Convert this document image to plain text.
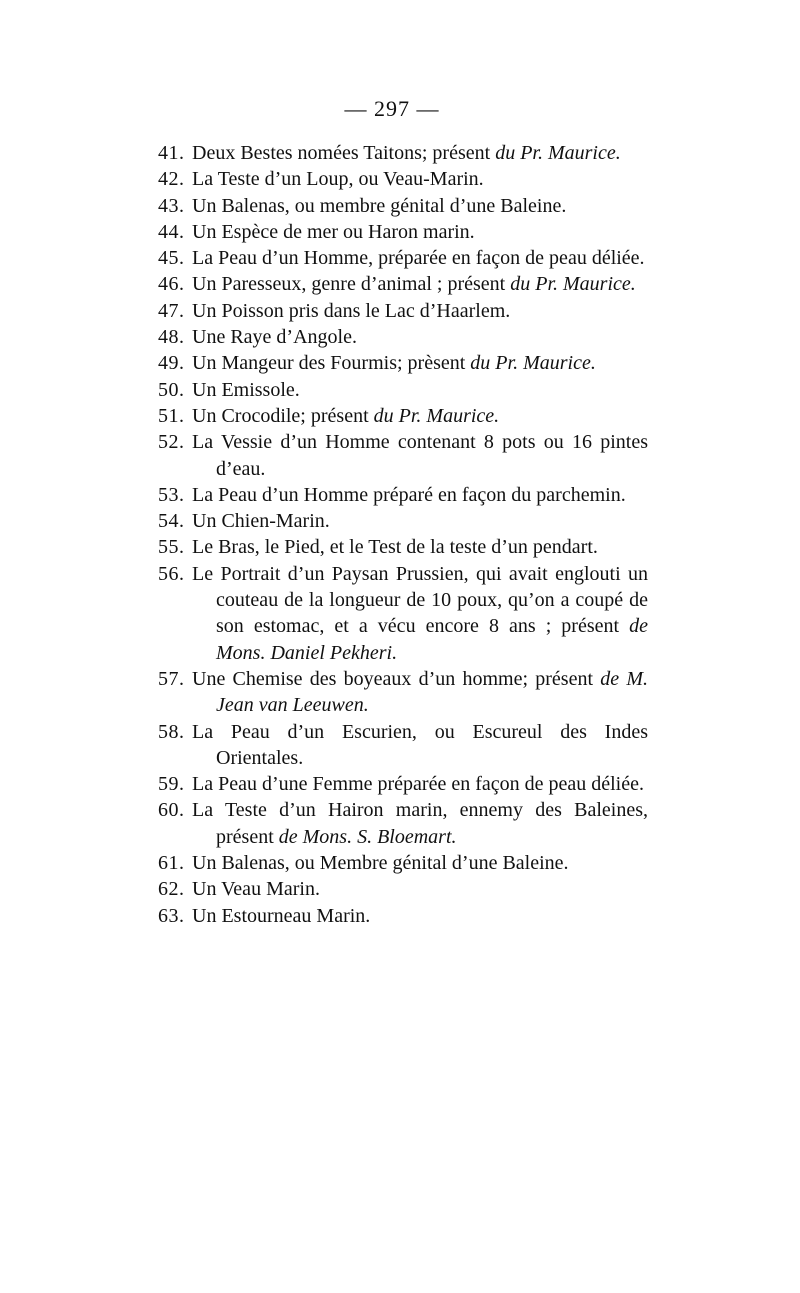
— 297 —

41. Deux Bestes nomées Taitons; présent du Pr. Maurice.

42. La Teste d’un Loup, ou Veau-Marin.

43. Un Balenas, ou membre génital d’une Baleine.

44. Un Espèce de mer ou Haron marin.

45. La Peau d’un Homme, préparée en façon de peau déliée.

46. Un Paresseux, genre d’animal ; présent du Pr. Maurice.

47. Un Poisson pris dans le Lac d’Haarlem.

48. Une Raye d’Angole.

49. Un Mangeur des Fourmis; prèsent du Pr. Maurice.

50. Un Emissole.

51. Un Crocodile; présent du Pr. Maurice.

52. La Vessie d’un Homme contenant 8 pots ou 16 pintes d’eau.

53. La Peau d’un Homme préparé en façon du parchemin.

54. Un Chien-Marin.

55. Le Bras, le Pied, et le Test de la teste d’un pendart.

56. Le Portrait d’un Paysan Prussien, qui avait englouti un couteau de la longueur de 10 poux, qu’on a coupé de son estomac, et a vécu encore 8 ans ; présent de Mons. Daniel Pekheri.

57. Une Chemise des boyeaux d’un homme; présent de M. Jean van Leeuwen.

58. La Peau d’un Escurien, ou Escureul des Indes Orientales.

59. La Peau d’une Femme préparée en façon de peau déliée.

60. La Teste d’un Hairon marin, ennemy des Baleines, présent de Mons. S. Bloemart.

61. Un Balenas, ou Membre génital d’une Baleine.

62. Un Veau Marin.

63. Un Estourneau Marin.
